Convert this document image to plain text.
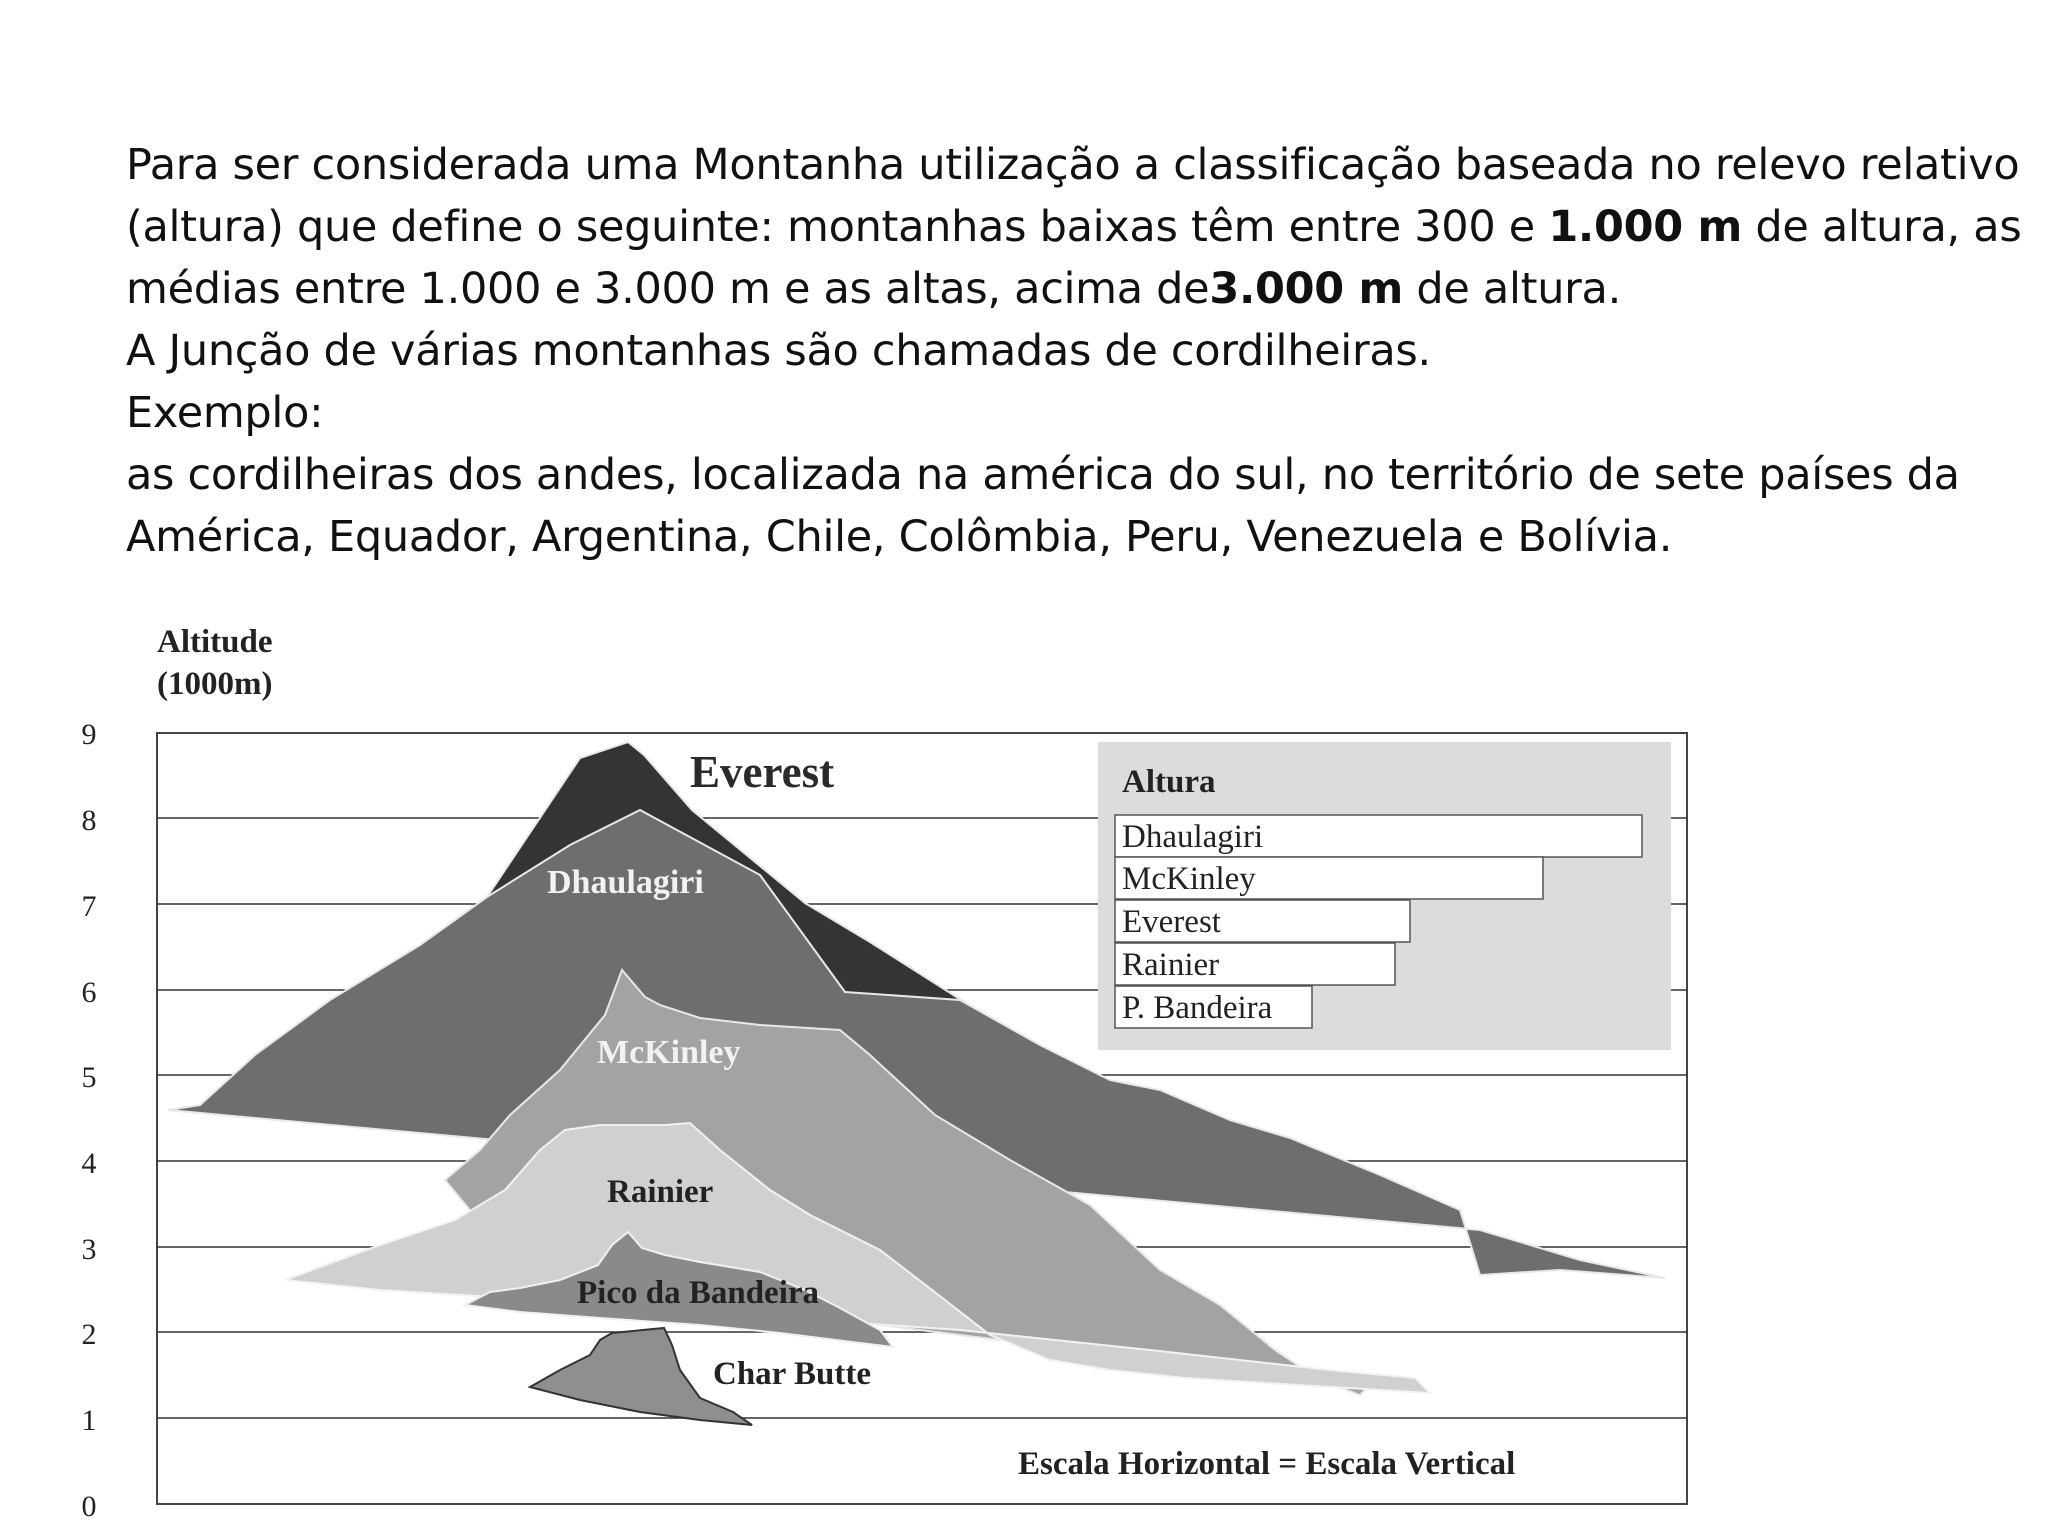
Para ser considerada uma Montanha utilização a classificação baseada no relevo relativo
(altura) que define o seguinte: montanhas baixas têm entre 300 e 1.000 m de altura, as
médias entre 1.000 e 3.000 m e as altas, acima de3.000 m de altura.
A Junção de várias montanhas são chamadas de cordilheiras.
Exemplo:
as cordilheiras dos andes, localizada na américa do sul, no território de sete países da
América, Equador, Argentina, Chile, Colômbia, Peru, Venezuela e Bolívia.
9
8
7
6
5
4
3
2
1
0
Altitude
(1000m)
Everest
Dhaulagiri
McKinley
Rainier
Pico da Bandeira
Char Butte
Altura
Dhaulagiri
McKinley
Everest
Rainier
P. Bandeira
Escala Horizontal = Escala Vertical
